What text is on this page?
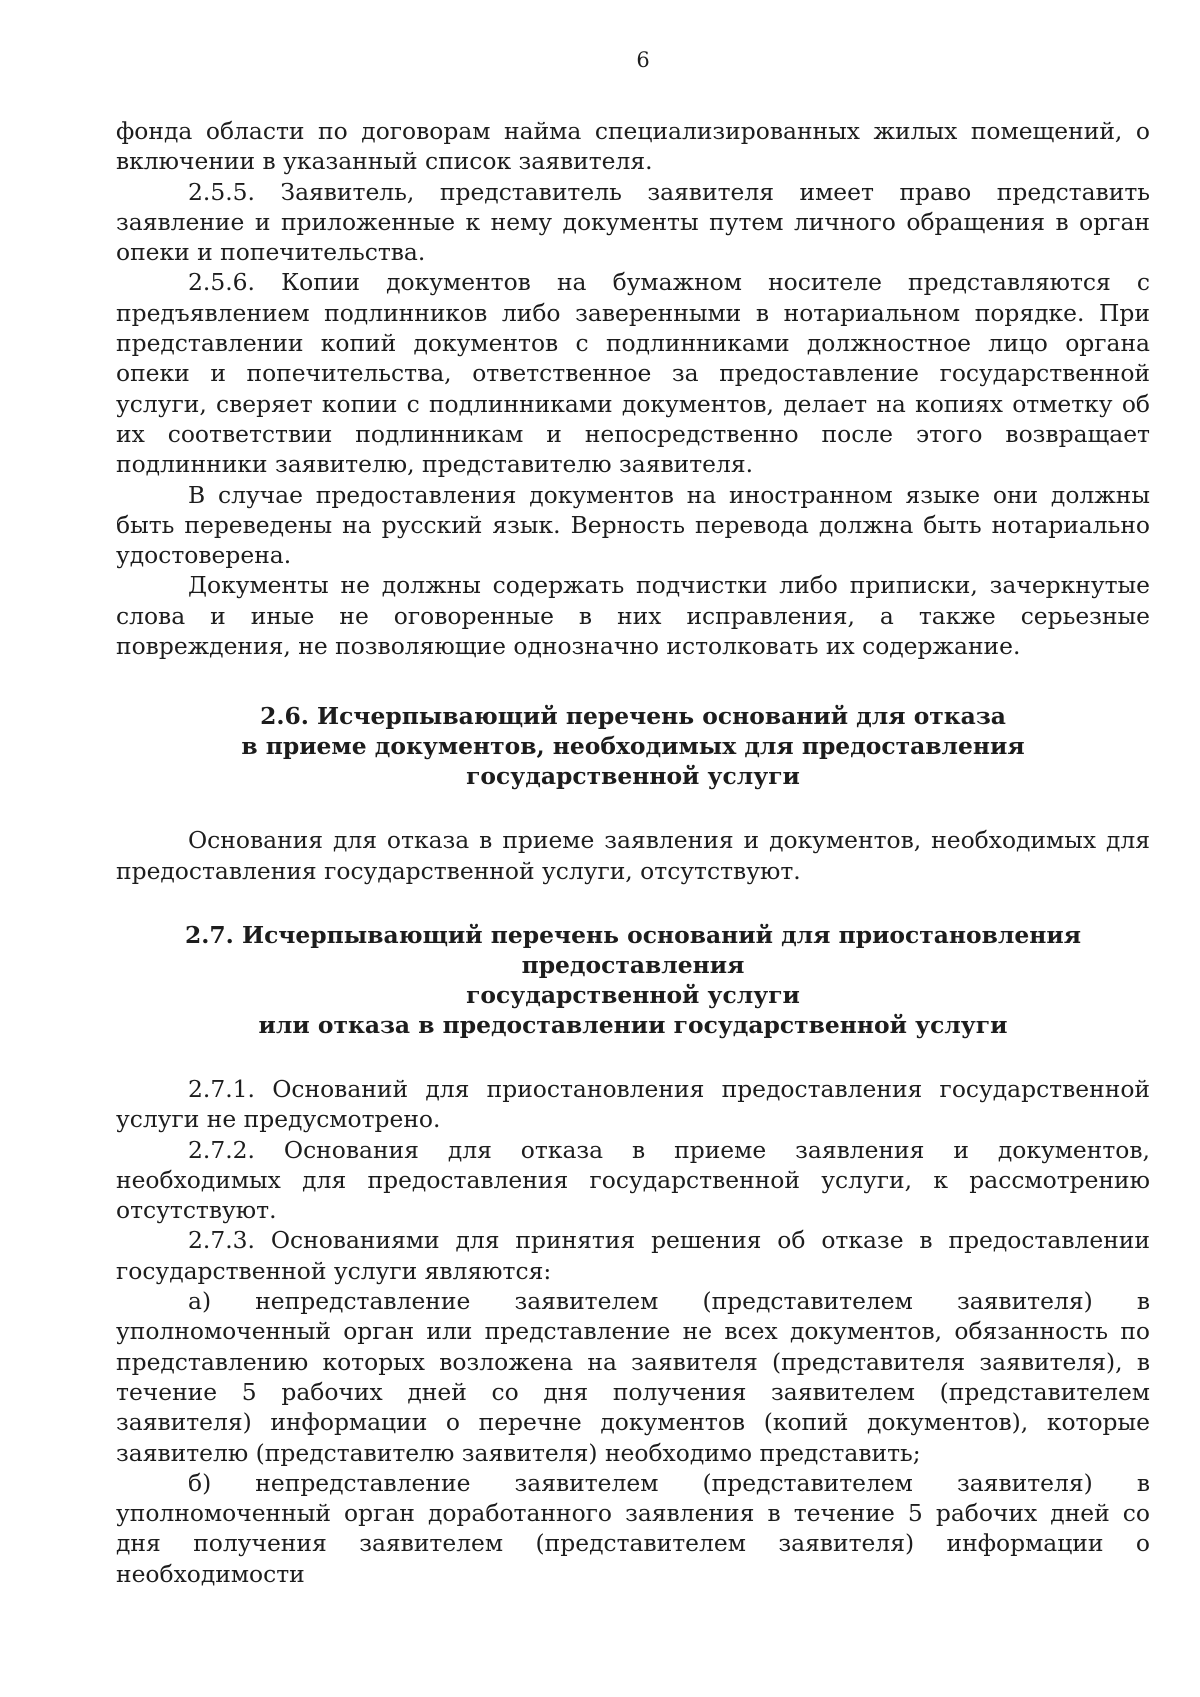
6

фонда области по договорам найма специализированных жилых помещений, о включении в указанный список заявителя.

2.5.5. Заявитель, представитель заявителя имеет право представить заявление и приложенные к нему документы путем личного обращения в орган опеки и попечительства.

2.5.6. Копии документов на бумажном носителе представляются с предъявлением подлинников либо заверенными в нотариальном порядке. При представлении копий документов с подлинниками должностное лицо органа опеки и попечительства, ответственное за предоставление государственной услуги, сверяет копии с подлинниками документов, делает на копиях отметку об их соответствии подлинникам и непосредственно после этого возвращает подлинники заявителю, представителю заявителя.

В случае предоставления документов на иностранном языке они должны быть переведены на русский язык. Верность перевода должна быть нотариально удостоверена.

Документы не должны содержать подчистки либо приписки, зачеркнутые слова и иные не оговоренные в них исправления, а также серьезные повреждения, не позволяющие однозначно истолковать их содержание.

2.6. Исчерпывающий перечень оснований для отказа
в приеме документов, необходимых для предоставления
государственной услуги

Основания для отказа в приеме заявления и документов, необходимых для предоставления государственной услуги, отсутствуют.

2.7. Исчерпывающий перечень оснований для приостановления предоставления
государственной услуги
или отказа в предоставлении государственной услуги

2.7.1. Оснований для приостановления предоставления государственной услуги не предусмотрено.

2.7.2. Основания для отказа в приеме заявления и документов, необходимых для предоставления государственной услуги, к рассмотрению отсутствуют.

2.7.3. Основаниями для принятия решения об отказе в предоставлении государственной услуги являются:

а) непредставление заявителем (представителем заявителя) в уполномоченный орган или представление не всех документов, обязанность по представлению которых возложена на заявителя (представителя заявителя), в течение 5 рабочих дней со дня получения заявителем (представителем заявителя) информации о перечне документов (копий документов), которые заявителю (представителю заявителя) необходимо представить;

б) непредставление заявителем (представителем заявителя) в уполномоченный орган доработанного заявления в течение 5 рабочих дней со дня получения заявителем (представителем заявителя) информации о необходимости
